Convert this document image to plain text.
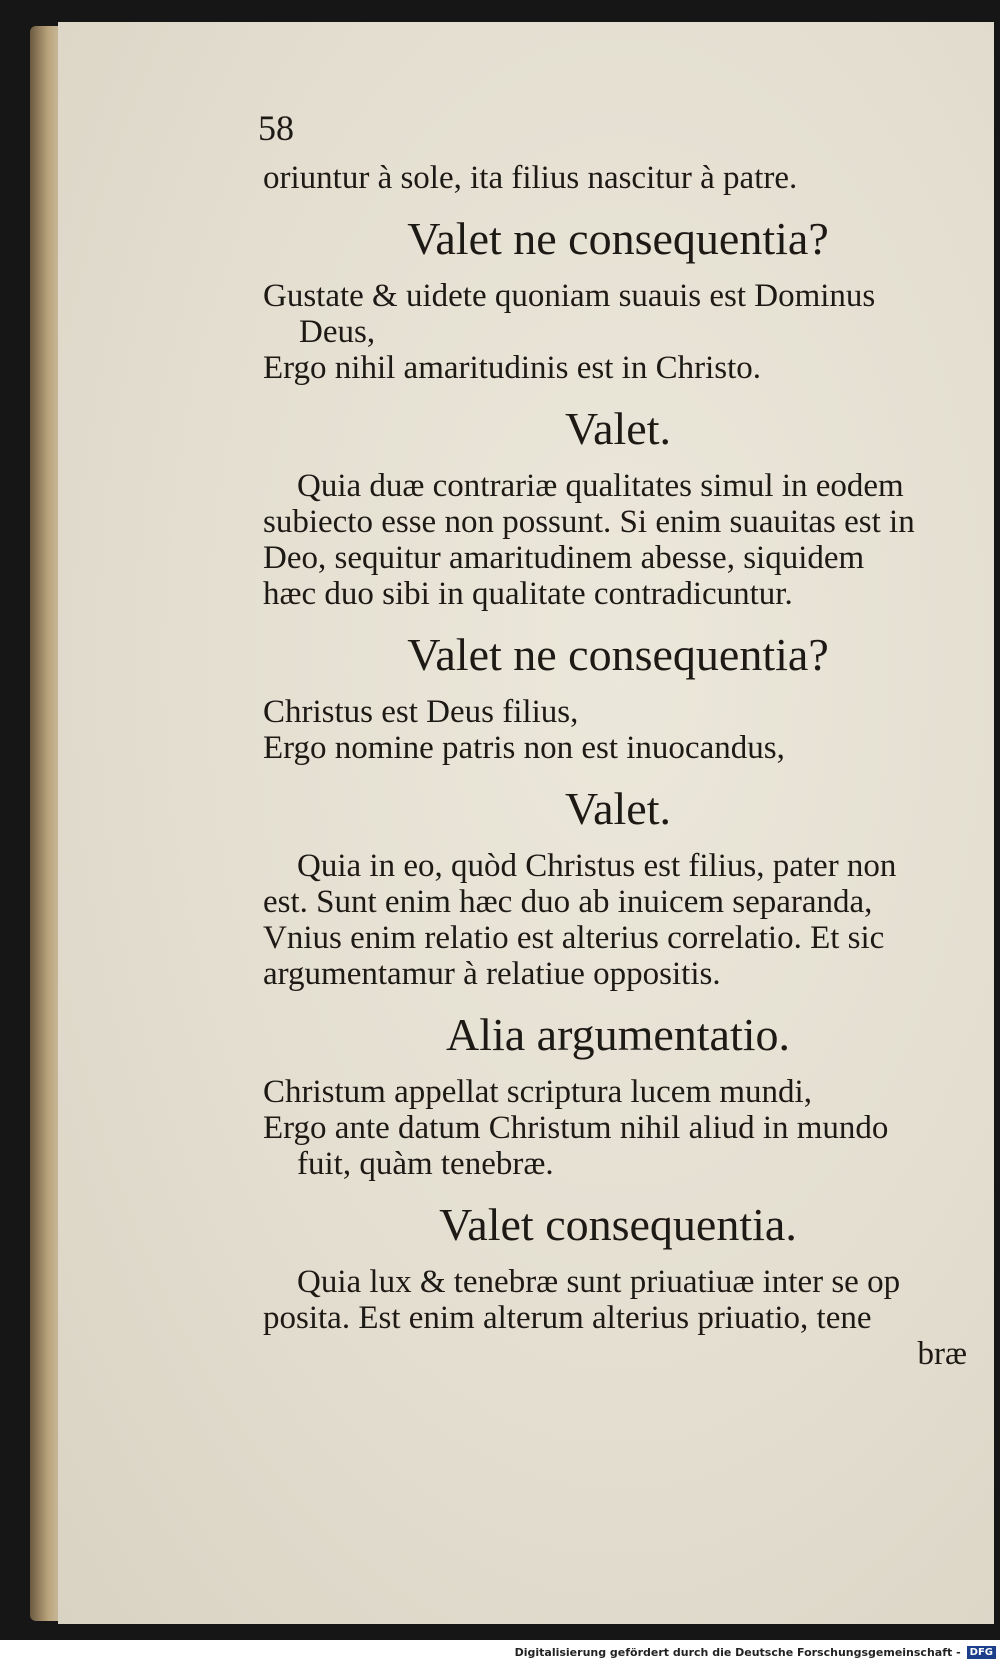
58

oriuntur à sole, ita filius nascitur à patre.

Valet ne consequentia?

Gustate & uidete quoniam suauis est Dominus

Deus,

Ergo nihil amaritudinis est in Christo.

Valet.

Quia duæ contrariæ qualitates simul in eodem

subiecto esse non possunt. Si enim suauitas est in

Deo, sequitur amaritudinem abesse, siquidem

hæc duo sibi in qualitate contradicuntur.

Valet ne consequentia?

Christus est Deus filius,

Ergo nomine patris non est inuocandus,

Valet.

Quia in eo, quòd Christus est filius, pater non

est. Sunt enim hæc duo ab inuicem separanda,

Vnius enim relatio est alterius correlatio. Et sic

argumentamur à relatiue oppositis.

Alia argumentatio.

Christum appellat scriptura lucem mundi,

Ergo ante datum Christum nihil aliud in mundo

fuit, quàm tenebræ.

Valet consequentia.

Quia lux & tenebræ sunt priuatiuæ inter se op

posita. Est enim alterum alterius priuatio, tene

bræ

Digitalisierung gefördert durch die Deutsche Forschungsgemeinschaft - DFG
